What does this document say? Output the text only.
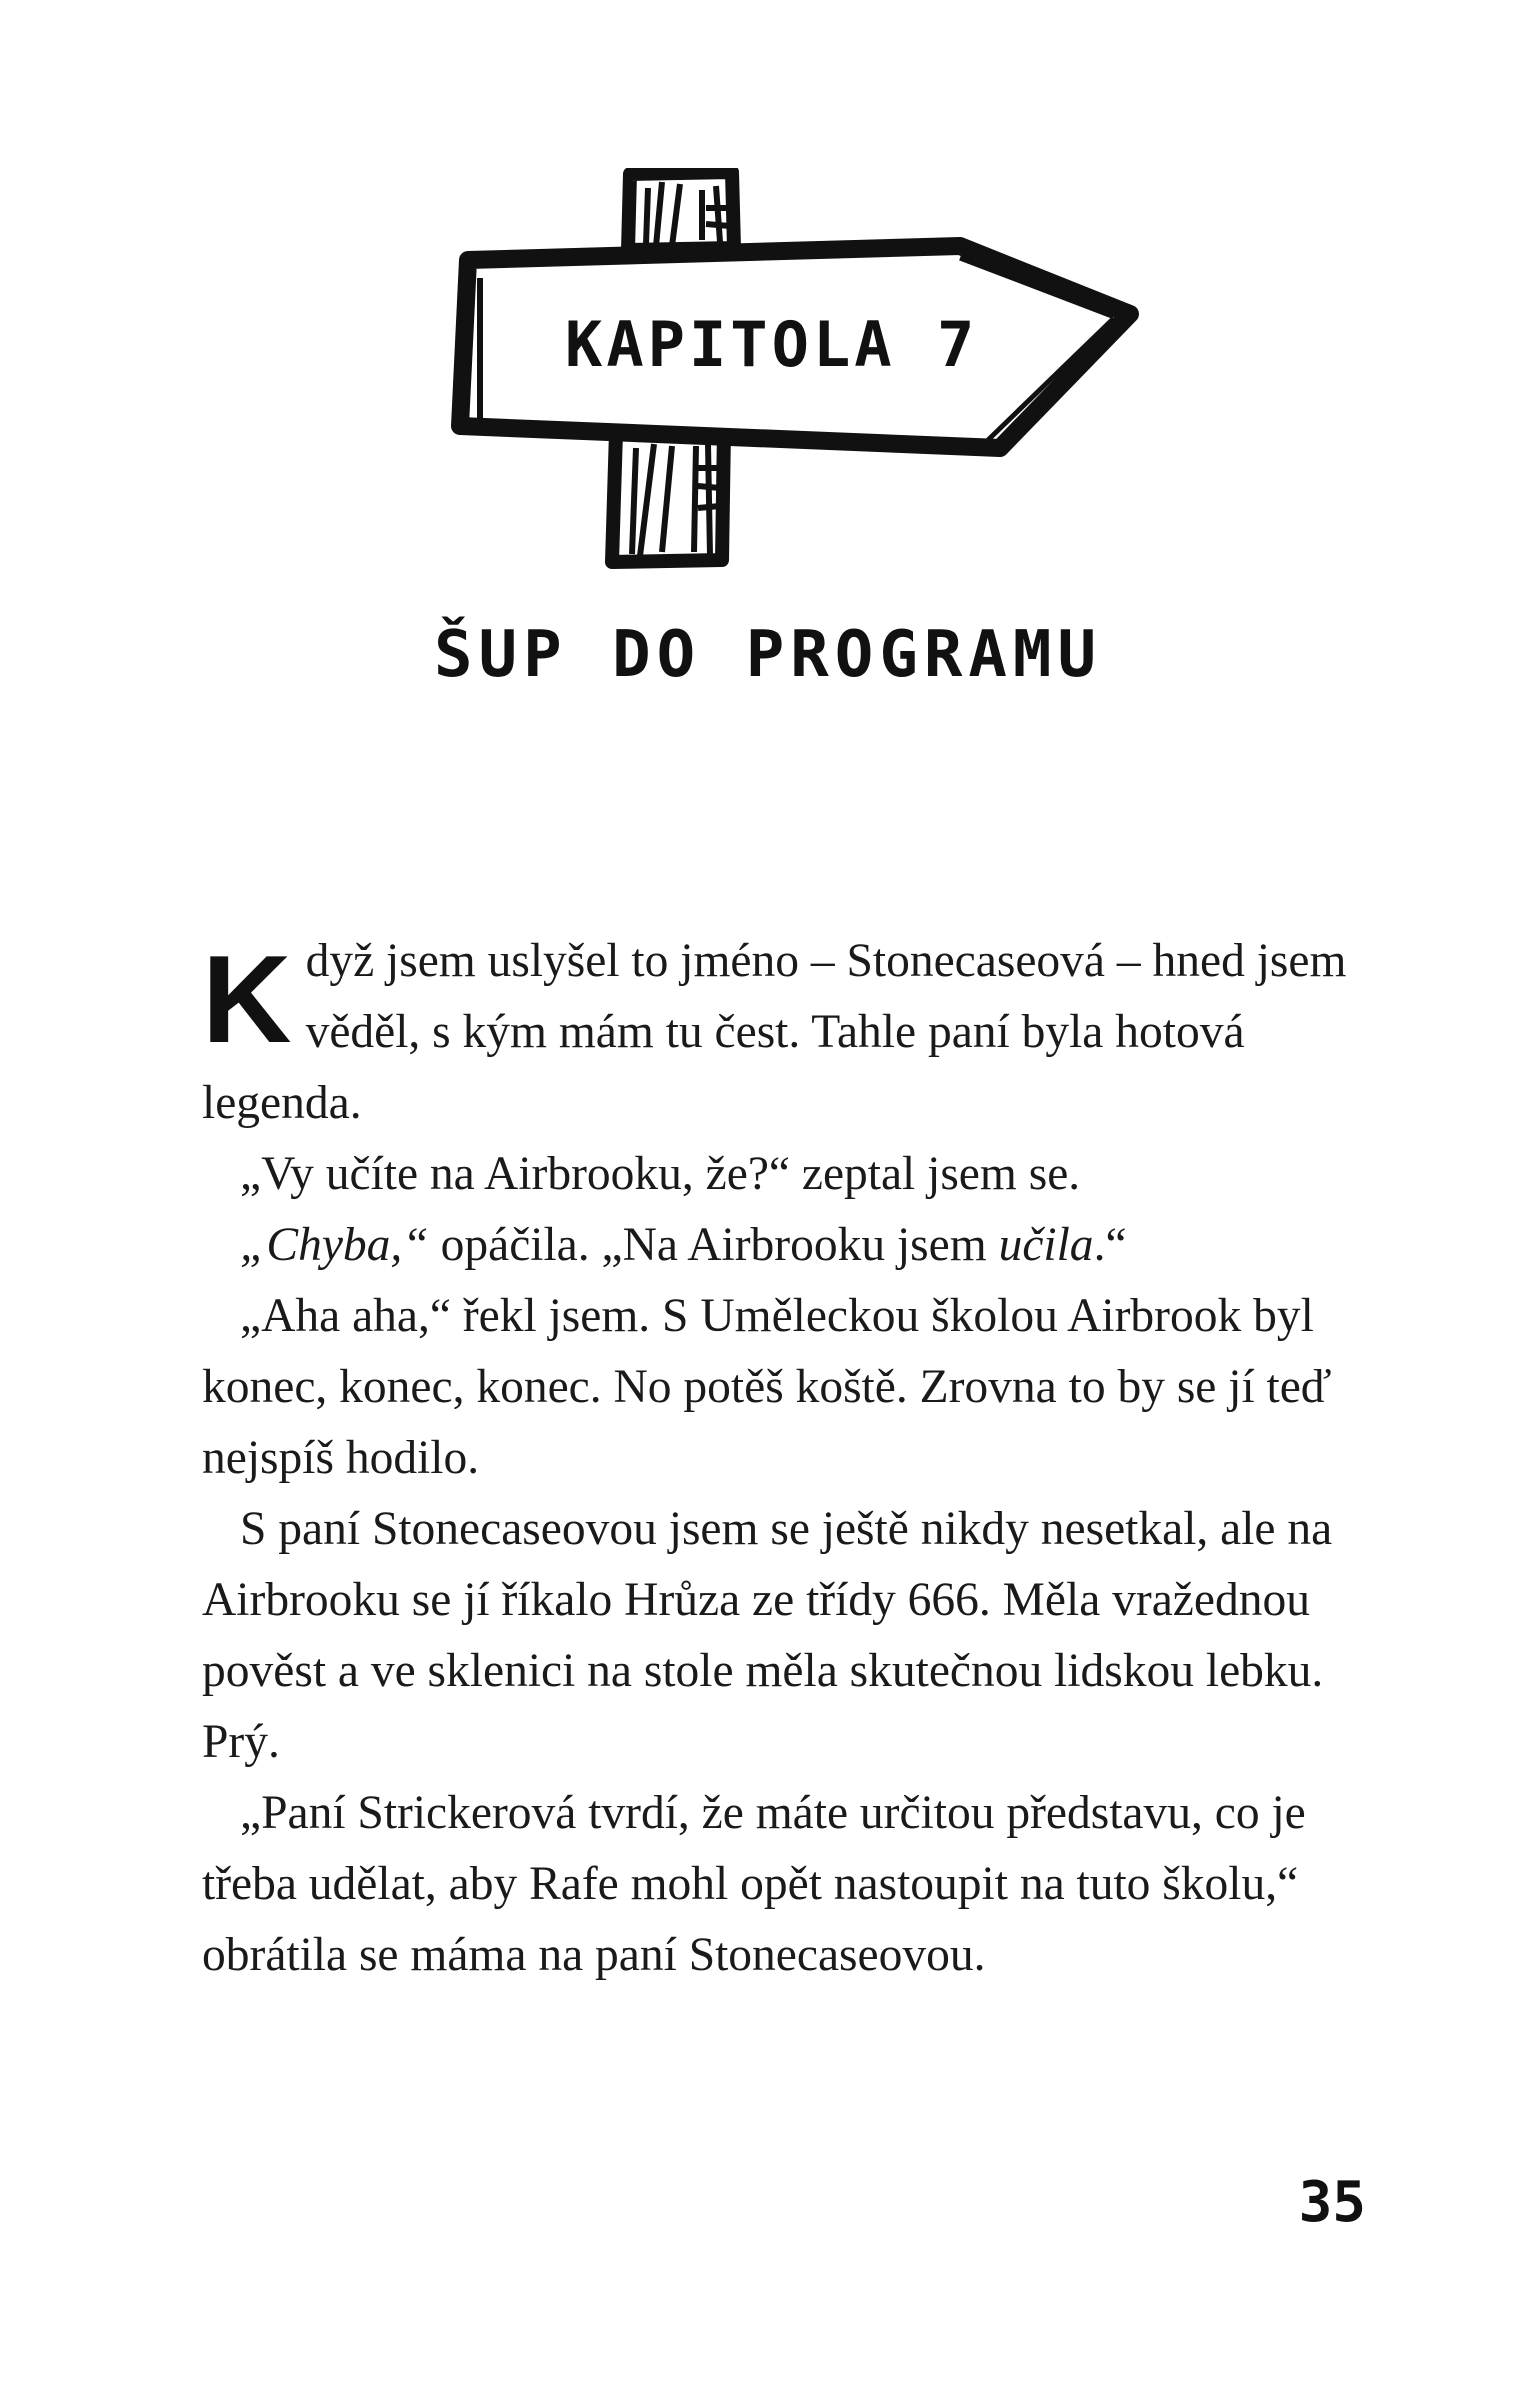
KAPITOLA 7
ŠUP DO PROGRAMU

Když jsem uslyšel to jméno – Stonecaseová – hned jsem věděl, s kým mám tu čest. Tahle paní byla hotová legenda.

„Vy učíte na Airbrooku, že?“ zeptal jsem se.

„Chyba,“ opáčila. „Na Airbrooku jsem učila.“

„Aha aha,“ řekl jsem. S Uměleckou školou Airbrook byl konec, konec, konec. No potěš koště. Zrovna to by se jí teď nejspíš hodilo.

S paní Stonecaseovou jsem se ještě nikdy nesetkal, ale na Airbrooku se jí říkalo Hrůza ze třídy 666. Měla vražednou pověst a ve sklenici na stole měla skutečnou lidskou lebku. Prý.

„Paní Strickerová tvrdí, že máte určitou představu, co je třeba udělat, aby Rafe mohl opět nastoupit na tuto školu,“ obrátila se máma na paní Stonecaseovou.

35
